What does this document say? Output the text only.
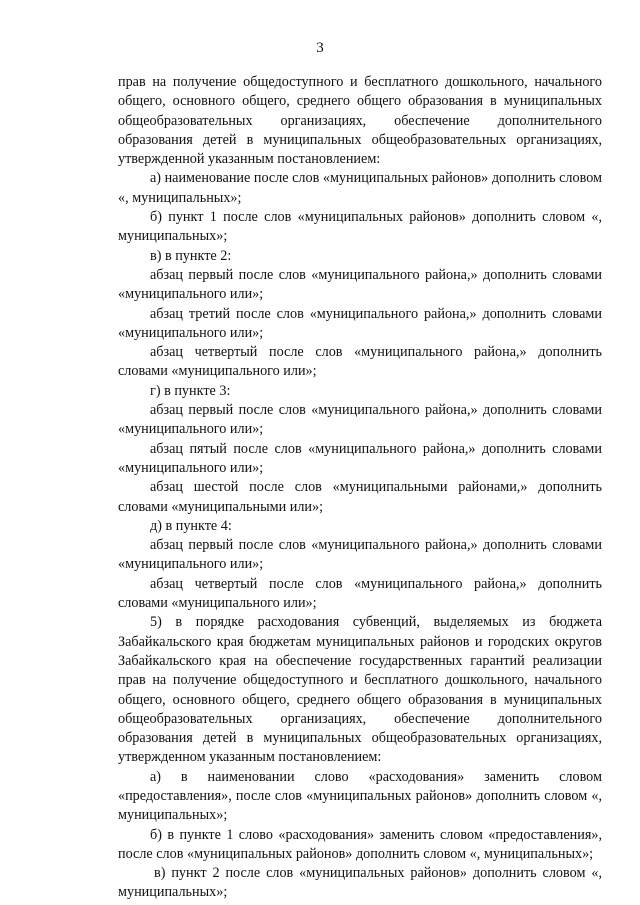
3

прав на получение общедоступного и бесплатного дошкольного, начального общего, основного общего, среднего общего образования в муниципальных общеобразовательных организациях, обеспечение дополнительного образования детей в муниципальных общеобразовательных организациях, утвержденной указанным постановлением:

а) наименование после слов «муниципальных районов» дополнить словом «, муниципальных»;

б) пункт 1 после слов «муниципальных районов» дополнить словом «, муниципальных»;

в) в пункте 2:

абзац первый после слов «муниципального района,» дополнить словами «муниципального или»;

абзац третий после слов «муниципального района,» дополнить словами «муниципального или»;

абзац четвертый после слов «муниципального района,» дополнить словами «муниципального или»;

г) в пункте 3:

абзац первый после слов «муниципального района,» дополнить словами «муниципального или»;

абзац пятый после слов «муниципального района,» дополнить словами «муниципального или»;

абзац шестой после слов «муниципальными районами,» дополнить словами «муниципальными или»;

д) в пункте 4:

абзац первый после слов «муниципального района,» дополнить словами «муниципального или»;

абзац четвертый после слов «муниципального района,» дополнить словами «муниципального или»;

5) в порядке расходования субвенций, выделяемых из бюджета Забайкальского края бюджетам муниципальных районов и городских округов Забайкальского края на обеспечение государственных гарантий реализации прав на получение общедоступного и бесплатного дошкольного, начального общего, основного общего, среднего общего образования в муниципальных общеобразовательных организациях, обеспечение дополнительного образования детей в муниципальных общеобразовательных организациях, утвержденном указанным постановлением:

а) в наименовании слово «расходования» заменить словом «предоставления», после слов «муниципальных районов» дополнить словом «, муниципальных»;

б) в пункте 1 слово «расходования» заменить словом «предоставления», после слов «муниципальных районов» дополнить словом «, муниципальных»;

в) пункт 2 после слов «муниципальных районов» дополнить словом «, муниципальных»;
